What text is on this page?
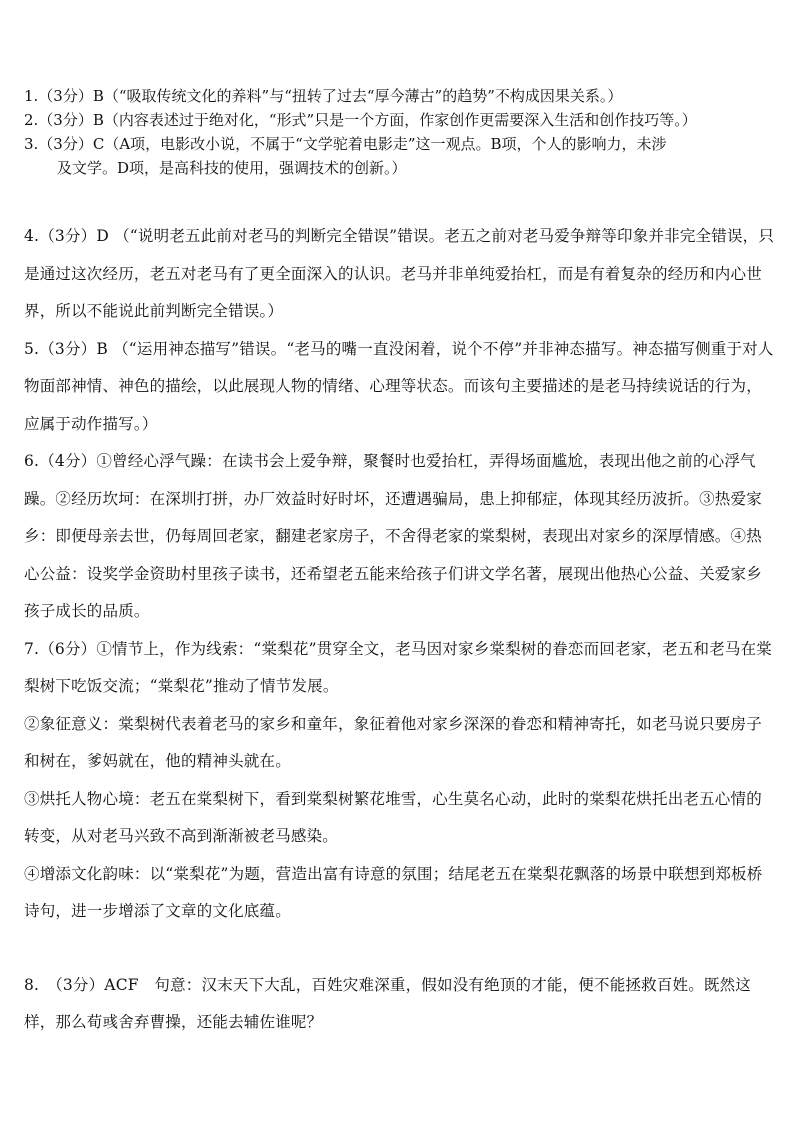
1.（3分）B（“吸取传统文化的养料”与“扭转了过去“厚今薄古”的趋势”不构成因果关系。）

2.（3分）B（内容表述过于绝对化，“形式”只是一个方面，作家创作更需要深入生活和创作技巧等。）

3.（3分）C（A项，电影改小说，不属于“文学驼着电影走”这一观点。B项，个人的影响力，未涉

及文学。D项，是高科技的使用，强调技术的创新。）

4.（3分）D （“说明老五此前对老马的判断完全错误”错误。老五之前对老马爱争辩等印象并非完全错误，只是通过这次经历，老五对老马有了更全面深入的认识。老马并非单纯爱抬杠，而是有着复杂的经历和内心世界，所以不能说此前判断完全错误。）

5.（3分）B （“运用神态描写”错误。“老马的嘴一直没闲着，说个不停”并非神态描写。神态描写侧重于对人物面部神情、神色的描绘，以此展现人物的情绪、心理等状态。而该句主要描述的是老马持续说话的行为，应属于动作描写。）

6.（4分）①曾经心浮气躁：在读书会上爱争辩，聚餐时也爱抬杠，弄得场面尴尬，表现出他之前的心浮气躁。②经历坎坷：在深圳打拼，办厂效益时好时坏，还遭遇骗局，患上抑郁症，体现其经历波折。③热爱家乡：即便母亲去世，仍每周回老家，翻建老家房子，不舍得老家的棠梨树，表现出对家乡的深厚情感。④热心公益：设奖学金资助村里孩子读书，还希望老五能来给孩子们讲文学名著，展现出他热心公益、关爱家乡孩子成长的品质。

7.（6分）①情节上，作为线索：“棠梨花”贯穿全文，老马因对家乡棠梨树的眷恋而回老家，老五和老马在棠梨树下吃饭交流；“棠梨花”推动了情节发展。

②象征意义：棠梨树代表着老马的家乡和童年，象征着他对家乡深深的眷恋和精神寄托，如老马说只要房子和树在，爹妈就在，他的精神头就在。

③烘托人物心境：老五在棠梨树下，看到棠梨树繁花堆雪，心生莫名心动，此时的棠梨花烘托出老五心情的转变，从对老马兴致不高到渐渐被老马感染。

④增添文化韵味：以“棠梨花”为题，营造出富有诗意的氛围；结尾老五在棠梨花飘落的场景中联想到郑板桥诗句，进一步增添了文章的文化底蕴。

8.　（3分）ACF　句意：汉末天下大乱，百姓灾难深重，假如没有绝顶的才能，便不能拯救百姓。既然这样，那么荀彧舍弃曹操，还能去辅佐谁呢？
